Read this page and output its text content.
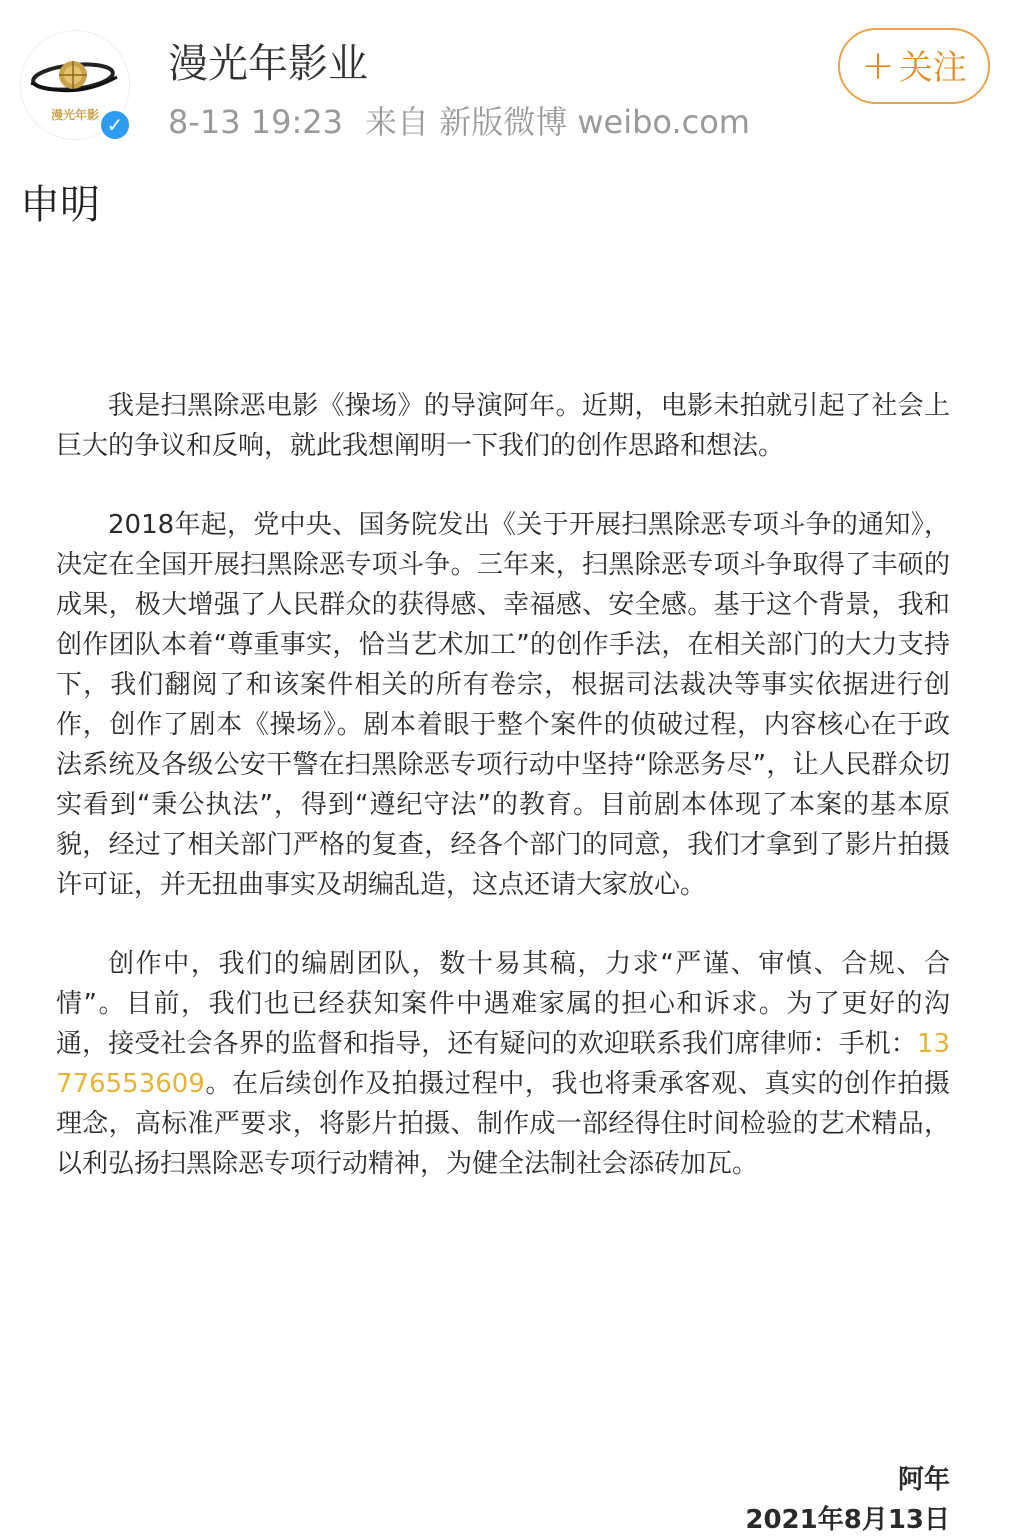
漫光年影 ✓
漫光年影业
8-13 19:23 来自 新版微博 weibo.com
+ 关注
申明

我是扫黑除恶电影《操场》的导演阿年。近期，电影未拍就引起了社会上巨大的争议和反响，就此我想阐明一下我们的创作思路和想法。

2018年起，党中央、国务院发出《关于开展扫黑除恶专项斗争的通知》，决定在全国开展扫黑除恶专项斗争。三年来，扫黑除恶专项斗争取得了丰硕的成果，极大增强了人民群众的获得感、幸福感、安全感。基于这个背景，我和创作团队本着“尊重事实，恰当艺术加工”的创作手法，在相关部门的大力支持下，我们翻阅了和该案件相关的所有卷宗，根据司法裁决等事实依据进行创作，创作了剧本《操场》。剧本着眼于整个案件的侦破过程，内容核心在于政法系统及各级公安干警在扫黑除恶专项行动中坚持“除恶务尽”，让人民群众切实看到“秉公执法”，得到“遵纪守法”的教育。目前剧本体现了本案的基本原貌，经过了相关部门严格的复查，经各个部门的同意，我们才拿到了影片拍摄许可证，并无扭曲事实及胡编乱造，这点还请大家放心。

创作中，我们的编剧团队，数十易其稿，力求“严谨、审慎、合规、合情”。目前，我们也已经获知案件中遇难家属的担心和诉求。为了更好的沟通，接受社会各界的监督和指导，还有疑问的欢迎联系我们席律师：手机：13776553609。在后续创作及拍摄过程中，我也将秉承客观、真实的创作拍摄理念，高标准严要求，将影片拍摄、制作成一部经得住时间检验的艺术精品，以利弘扬扫黑除恶专项行动精神，为健全法制社会添砖加瓦。

阿年
2021年8月13日
